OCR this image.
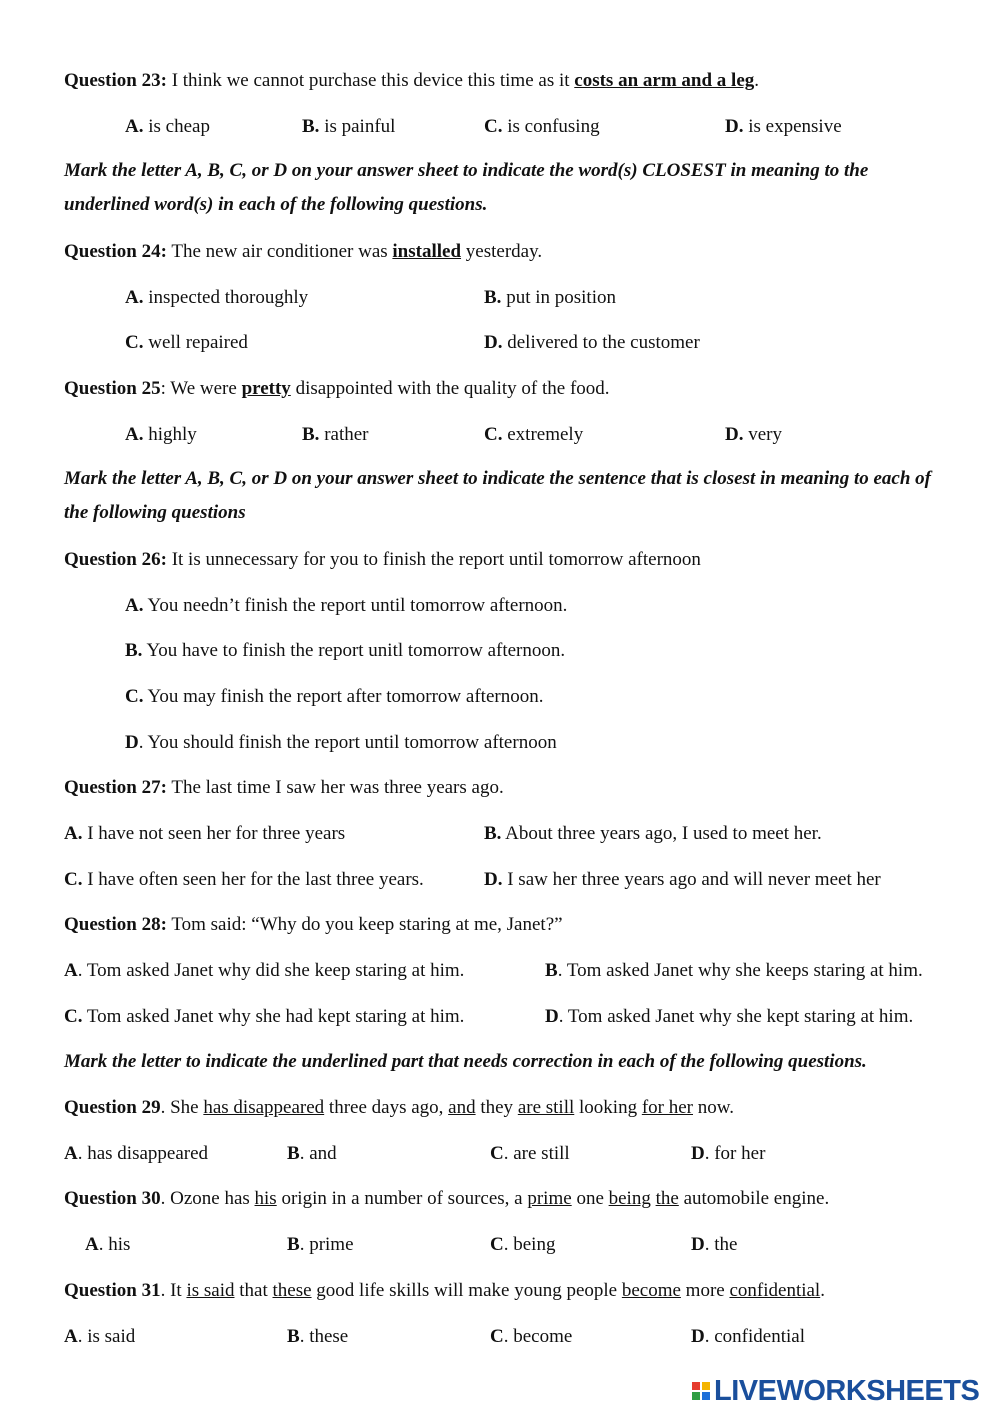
Question 23: I think we cannot purchase this device this time as it costs an arm and a leg.
A. is cheap	B. is painful	C. is confusing	D. is expensive
Mark the letter A, B, C, or D on your answer sheet to indicate the word(s) CLOSEST in meaning to the underlined word(s) in each of the following questions.
Question 24: The new air conditioner was installed yesterday.
A. inspected thoroughly	B. put in position
C. well repaired	D. delivered to the customer
Question 25: We were pretty disappointed with the quality of the food.
A. highly	B. rather	C. extremely	D. very
Mark the letter A, B, C, or D on your answer sheet to indicate the sentence that is closest in meaning to each of the following questions
Question 26: It is unnecessary for you to finish the report until tomorrow afternoon
A. You needn’t finish the report until tomorrow afternoon.
B. You have to finish the report unitl tomorrow afternoon.
C. You may finish the report after tomorrow afternoon.
D. You should finish the report until tomorrow afternoon
Question 27: The last time I saw her was three years ago.
A. I have not seen her for three years	B. About three years ago, I used to meet her.
C. I have often seen her for the last three years.	D. I saw her three years ago and will never meet her
Question 28: Tom said: “Why do you keep staring at me, Janet?”
A. Tom asked Janet why did she keep staring at him.	B. Tom asked Janet why she keeps staring at him.
C. Tom asked Janet why she had kept staring at him.	D. Tom asked Janet why she kept staring at him.
Mark the letter to indicate the underlined part that needs correction in each of the following questions.
Question 29. She has disappeared three days ago, and they are still looking for her now.
A. has disappeared	B. and	C. are still	D. for her
Question 30. Ozone has his origin in a number of sources, a prime one being the automobile engine.
A. his	B. prime	C. being	D. the
Question 31. It is said that these good life skills will make young people become more confidential.
A. is said	B. these	C. become	D. confidential
LIVEWORKSHEETS
